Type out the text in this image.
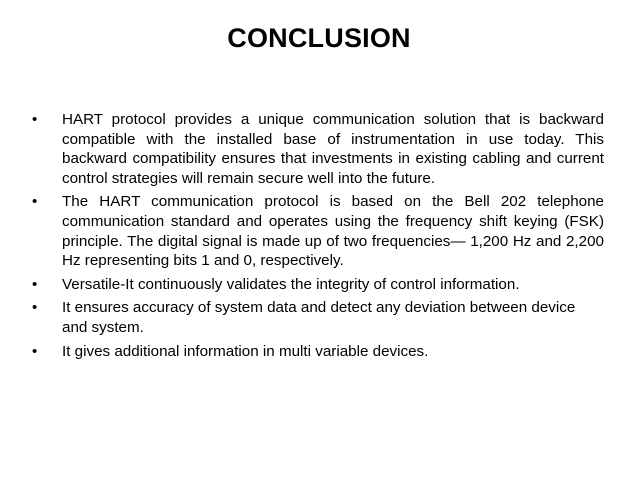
CONCLUSION
• HART protocol provides a unique communication solution that is backward compatible with the installed base of instrumentation in use today. This backward compatibility ensures that investments in existing cabling and current control strategies will remain secure well into the future.
• The HART communication protocol is based on the Bell 202 telephone communication standard and operates using the frequency shift keying (FSK) principle. The digital signal is made up of two frequencies— 1,200 Hz and 2,200 Hz representing bits 1 and 0, respectively.
• Versatile-It continuously validates the integrity of control information.
• It ensures accuracy of system data and detect any deviation between device and system.
• It gives additional information in multi variable devices.
